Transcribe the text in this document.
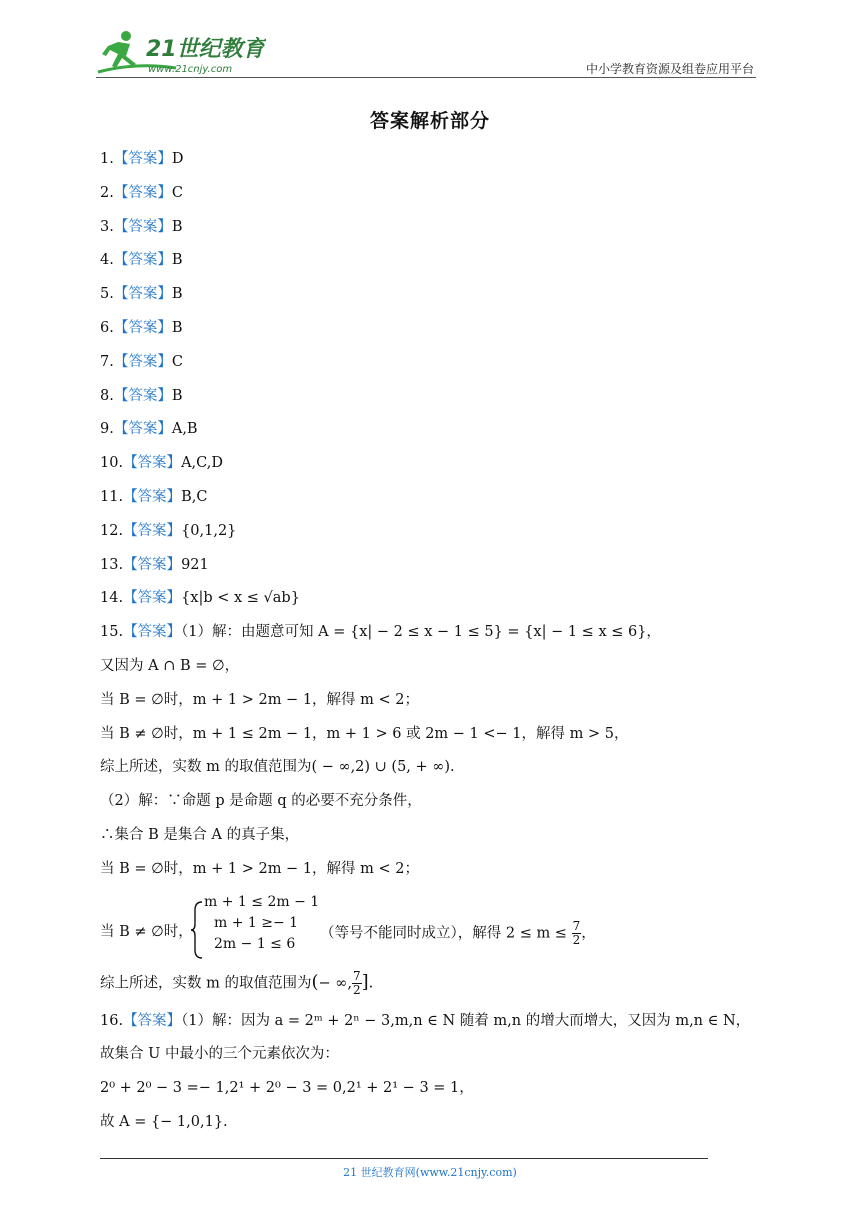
21世纪教育
www.21cnjy.com	中小学教育资源及组卷应用平台
答案解析部分
1.【答案】D
2.【答案】C
3.【答案】B
4.【答案】B
5.【答案】B
6.【答案】B
7.【答案】C
8.【答案】B
9.【答案】A,B
10.【答案】A,C,D
11.【答案】B,C
12.【答案】{0,1,2}
13.【答案】921
14.【答案】{x|b < x ≤ √ab}
15.【答案】（1）解：由题意可知 A = {x| − 2 ≤ x − 1 ≤ 5} = {x| − 1 ≤ x ≤ 6}，
又因为 A ∩ B = ∅，
当 B = ∅时，m + 1 > 2m − 1，解得 m < 2；
当 B ≠ ∅时，m + 1 ≤ 2m − 1，m + 1 > 6 或 2m − 1 <− 1，解得 m > 5，
综上所述，实数 m 的取值范围为( − ∞,2) ∪ (5, + ∞).
（2）解：∵命题 p 是命题 q 的必要不充分条件，
∴集合 B 是集合 A 的真子集，
当 B = ∅时，m + 1 > 2m − 1，解得 m < 2；
当 B ≠ ∅时，
m + 1 ≤ 2m − 1
m + 1 ≥− 1
2m − 1 ≤ 6
（等号不能同时成立），解得 $2 \le m \le \frac{7}{2}$ ，
综上所述，实数 m 的取值范围为(− ∞, $\frac{7}{2}$ ].
16.【答案】（1）解：因为 a = 2ᵐ + 2ⁿ − 3,m,n ∈ N 随着 m,n 的增大而增大，又因为 m,n ∈ N，
故集合 U 中最小的三个元素依次为：
2⁰ + 2⁰ − 3 =− 1,2¹ + 2⁰ − 3 = 0,2¹ + 2¹ − 3 = 1，
故 A = {− 1,0,1}.
21 世纪教育网(www.21cnjy.com)
